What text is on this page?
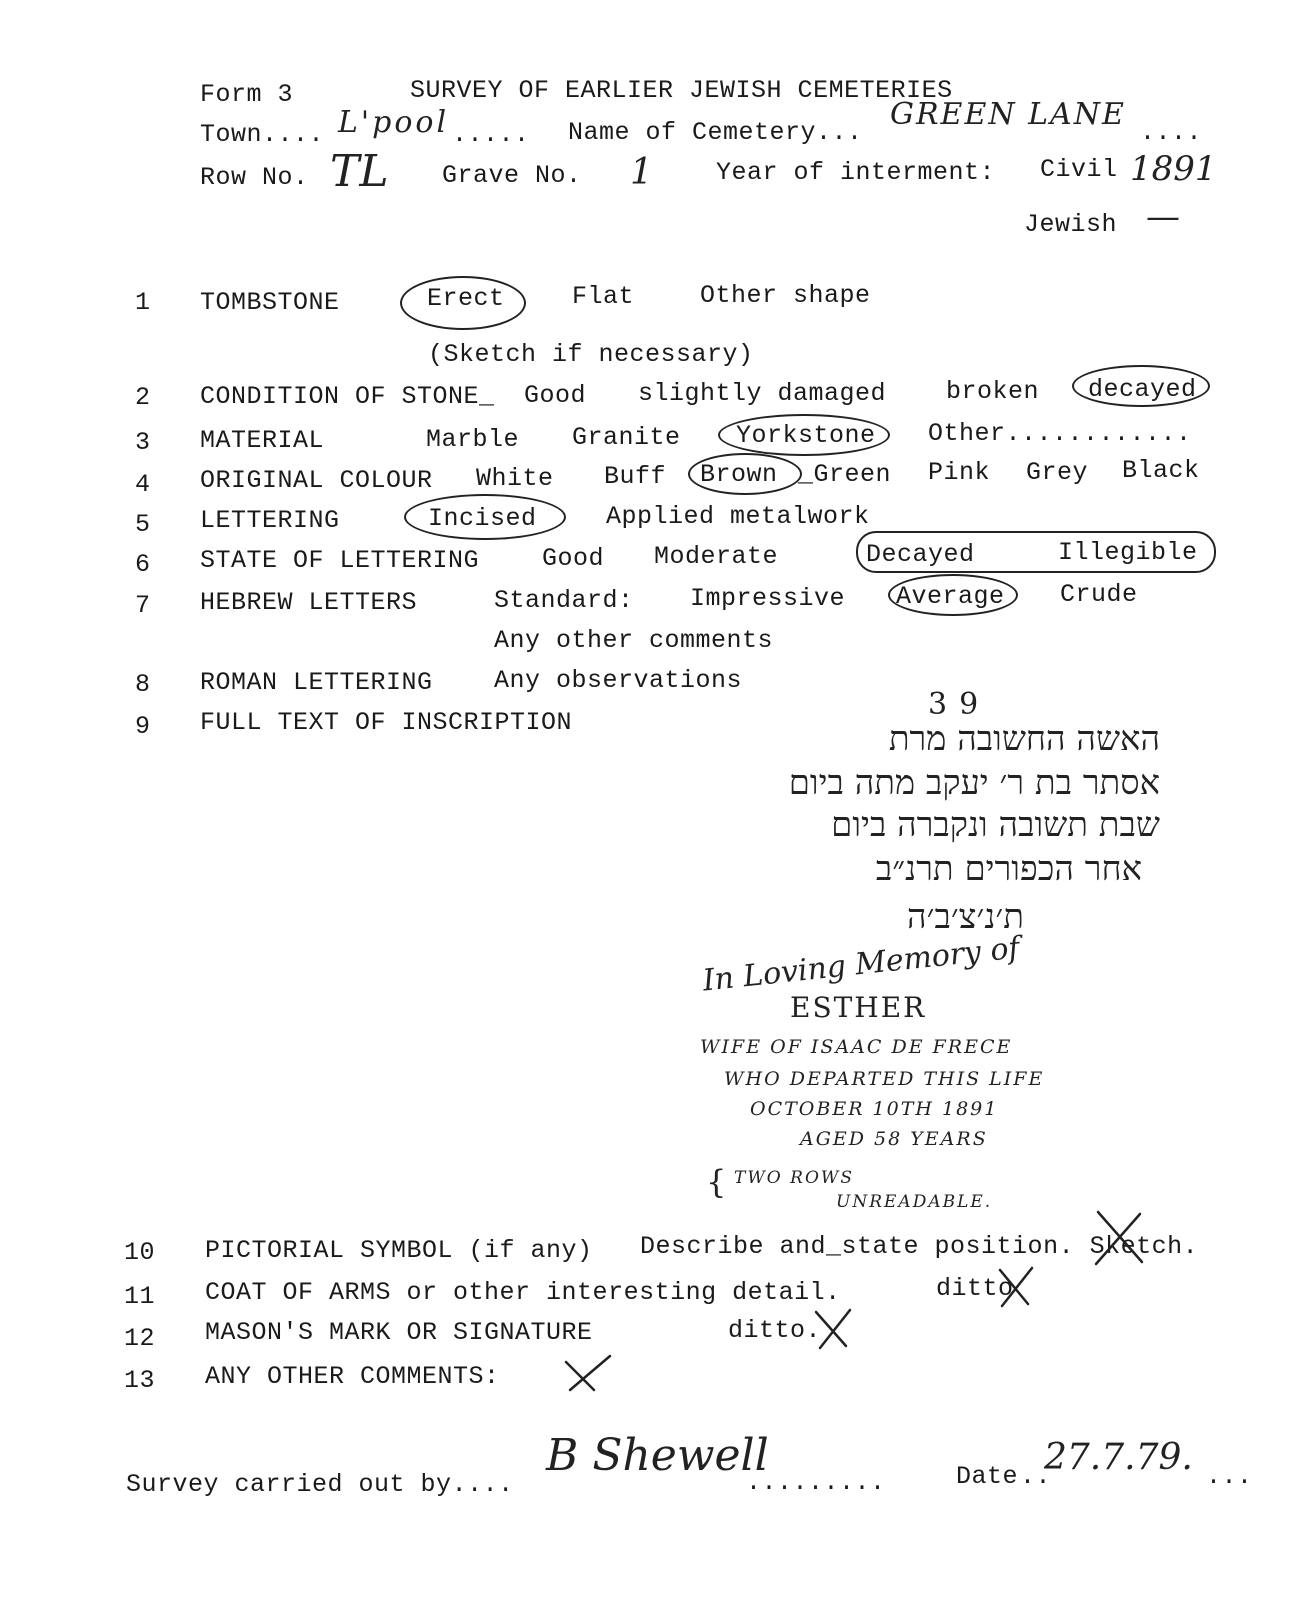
Form 3	SURVEY OF EARLIER JEWISH CEMETERIES
Town.... L'pool ..... Name of Cemetery...
GREEN LANE
....
Row No. TL Grave No. 1	Year of interment: Civil 1891
Jewish —
1 TOMBSTONE	Erect	Flat	Other shape
(Sketch if necessary)
2 CONDITION OF STONE_ Good slightly damaged broken decayed
3 MATERIAL	Marble Granite Yorkstone Other............
4 ORIGINAL COLOUR White Buff Brown _Green Pink Grey Black
5 LETTERING	Incised	Applied metalwork
6 STATE OF LETTERING	Good Moderate	Decayed	Illegible
7 HEBREW LETTERS	Standard: Impressive Average Crude
Any other comments
8 ROMAN LETTERING Any observations
9 FULL TEXT OF INSCRIPTION
39
האשה החשובה מרת
אסתר בת ר׳ יעקב מתה ביום
שבת תשובה ונקברה ביום
אחר הכפורים תרנ״ב
ת׳נ׳צ׳ב׳ה
In Loving Memory of
ESTHER
WIFE OF ISAAC DE FRECE
WHO DEPARTED THIS LIFE
OCTOBER 10TH 1891
AGED 58 YEARS
{ TWO ROWS
UNREADABLE.
10 PICTORIAL SYMBOL (if any) Describe and_state position. Sketch.
11 COAT OF ARMS or other interesting detail.	ditto
12 MASON'S MARK OR SIGNATURE	ditto.
13 ANY OTHER COMMENTS:
Survey carried out by....
B Shewell
.........	Date ..
27.7.79. ...
